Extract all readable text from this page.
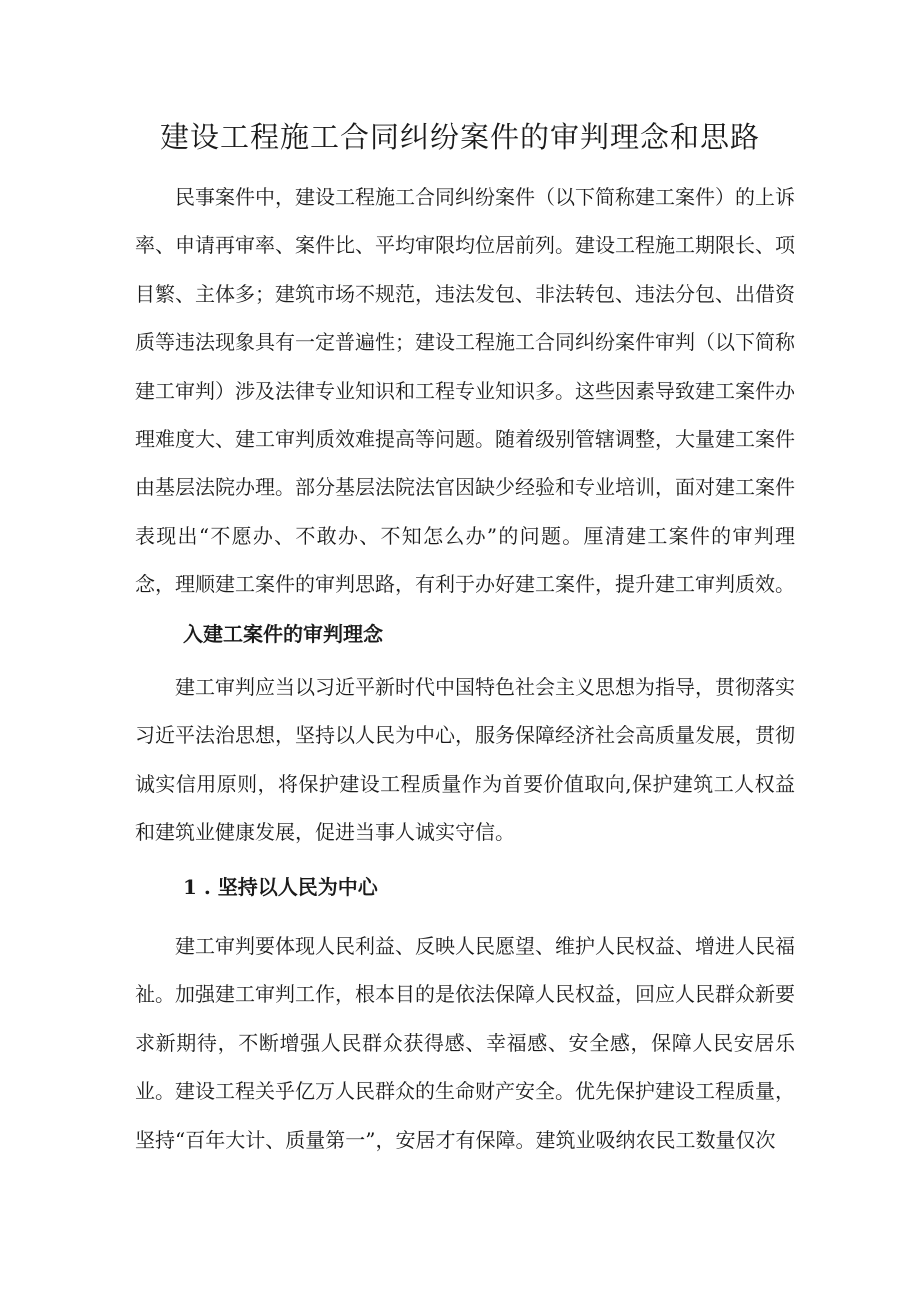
建设工程施工合同纠纷案件的审判理念和思路

民事案件中，建设工程施工合同纠纷案件（以下简称建工案件）的上诉率、申请再审率、案件比、平均审限均位居前列。建设工程施工期限长、项目繁、主体多；建筑市场不规范，违法发包、非法转包、违法分包、出借资质等违法现象具有一定普遍性；建设工程施工合同纠纷案件审判（以下简称建工审判）涉及法律专业知识和工程专业知识多。这些因素导致建工案件办理难度大、建工审判质效难提高等问题。随着级别管辖调整，大量建工案件由基层法院办理。部分基层法院法官因缺少经验和专业培训，面对建工案件表现出“不愿办、不敢办、不知怎么办”的问题。厘清建工案件的审判理念，理顺建工案件的审判思路，有利于办好建工案件，提升建工审判质效。

入建工案件的审判理念

建工审判应当以习近平新时代中国特色社会主义思想为指导，贯彻落实习近平法治思想，坚持以人民为中心，服务保障经济社会高质量发展，贯彻诚实信用原则，将保护建设工程质量作为首要价值取向,保护建筑工人权益和建筑业健康发展，促进当事人诚实守信。

1 . 坚持以人民为中心

建工审判要体现人民利益、反映人民愿望、维护人民权益、增进人民福祉。加强建工审判工作，根本目的是依法保障人民权益，回应人民群众新要求新期待，不断增强人民群众获得感、幸福感、安全感，保障人民安居乐业。建设工程关乎亿万人民群众的生命财产安全。优先保护建设工程质量，坚持“百年大计、质量第一”，安居才有保障。建筑业吸纳农民工数量仅次
